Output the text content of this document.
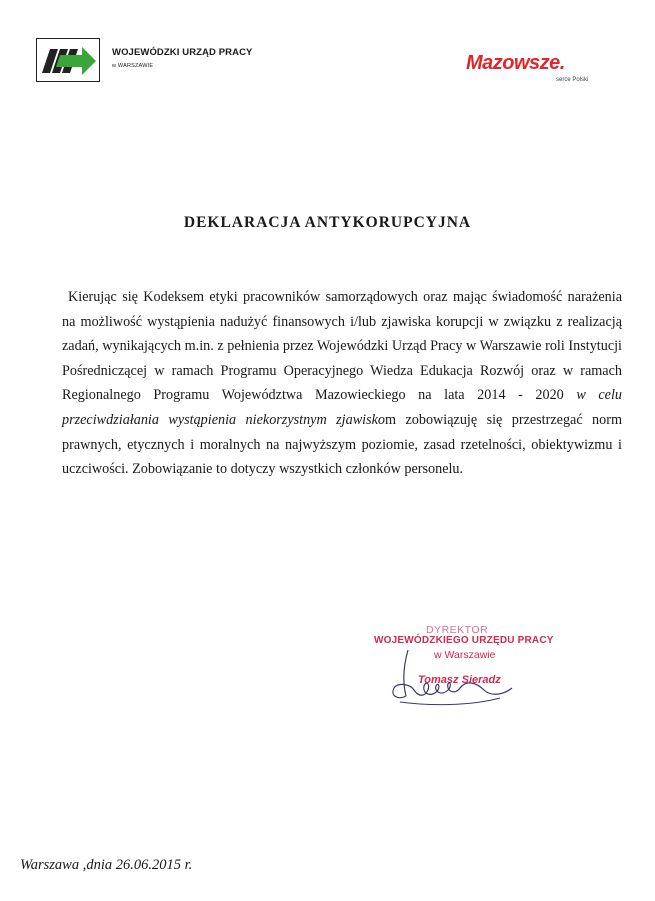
WOJEWÓDZKI URZĄD PRACY
w WARSZAWIE	Mazowsze.
serce Polski
DEKLARACJA ANTYKORUPCYJNA
Kierując się Kodeksem etyki pracowników samorządowych oraz mając świadomość narażenia na możliwość wystąpienia nadużyć finansowych i/lub zjawiska korupcji w związku z realizacją zadań, wynikających m.in. z pełnienia przez Wojewódzki Urząd Pracy w Warszawie roli Instytucji Pośredniczącej w ramach Programu Operacyjnego Wiedza Edukacja Rozwój oraz w ramach Regionalnego Programu Województwa Mazowieckiego na lata 2014 - 2020 w celu przeciwdziałania wystąpienia niekorzystnym zjawiskom zobowiązuję się przestrzegać norm prawnych, etycznych i moralnych na najwyższym poziomie, zasad rzetelności, obiektywizmu i uczciwości. Zobowiązanie to dotyczy wszystkich członków personelu.
DYREKTOR
WOJEWÓDZKIEGO URZĘDU PRACY
w Warszawie
Tomasz Sieradz
Warszawa ,dnia 26.06.2015 r.
